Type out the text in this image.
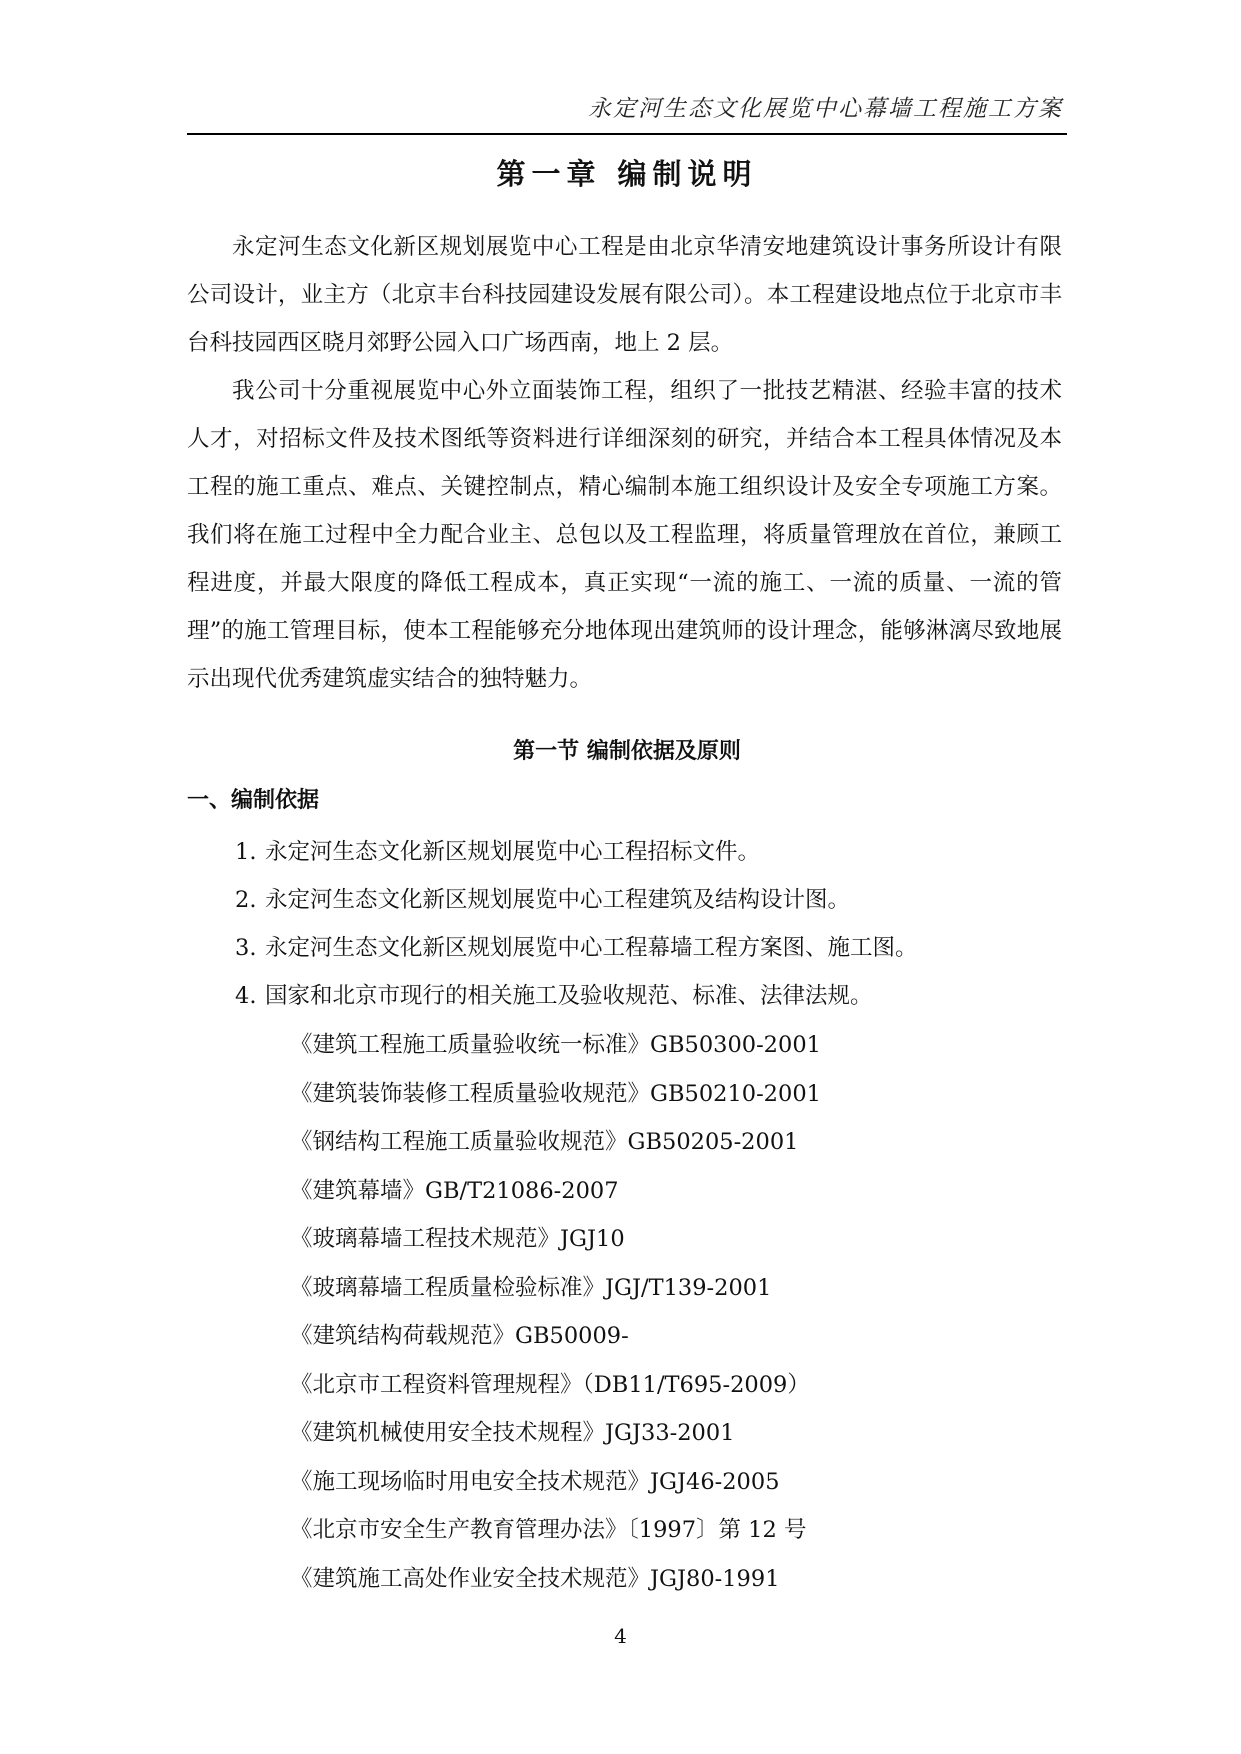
永定河生态文化展览中心幕墙工程施工方案
第一章 编制说明

永定河生态文化新区规划展览中心工程是由北京华清安地建筑设计事务所设计有限公司设计，业主方（北京丰台科技园建设发展有限公司）。本工程建设地点位于北京市丰台科技园西区晓月郊野公园入口广场西南，地上 2 层。

我公司十分重视展览中心外立面装饰工程，组织了一批技艺精湛、经验丰富的技术人才，对招标文件及技术图纸等资料进行详细深刻的研究，并结合本工程具体情况及本工程的施工重点、难点、关键控制点，精心编制本施工组织设计及安全专项施工方案。我们将在施工过程中全力配合业主、总包以及工程监理，将质量管理放在首位，兼顾工程进度，并最大限度的降低工程成本，真正实现“一流的施工、一流的质量、一流的管理”的施工管理目标，使本工程能够充分地体现出建筑师的设计理念，能够淋漓尽致地展示出现代优秀建筑虚实结合的独特魅力。

第一节 编制依据及原则
一、编制依据
1. 永定河生态文化新区规划展览中心工程招标文件。
2. 永定河生态文化新区规划展览中心工程建筑及结构设计图。
3. 永定河生态文化新区规划展览中心工程幕墙工程方案图、施工图。
4. 国家和北京市现行的相关施工及验收规范、标准、法律法规。
《建筑工程施工质量验收统一标准》GB50300-2001
《建筑装饰装修工程质量验收规范》GB50210-2001
《钢结构工程施工质量验收规范》GB50205-2001
《建筑幕墙》GB/T21086-2007
《玻璃幕墙工程技术规范》JGJ10
《玻璃幕墙工程质量检验标准》JGJ/T139-2001
《建筑结构荷载规范》GB50009-
《北京市工程资料管理规程》（DB11/T695-2009）
《建筑机械使用安全技术规程》JGJ33-2001
《施工现场临时用电安全技术规范》JGJ46-2005
《北京市安全生产教育管理办法》〔1997〕第 12 号
《建筑施工高处作业安全技术规范》JGJ80-1991
4
